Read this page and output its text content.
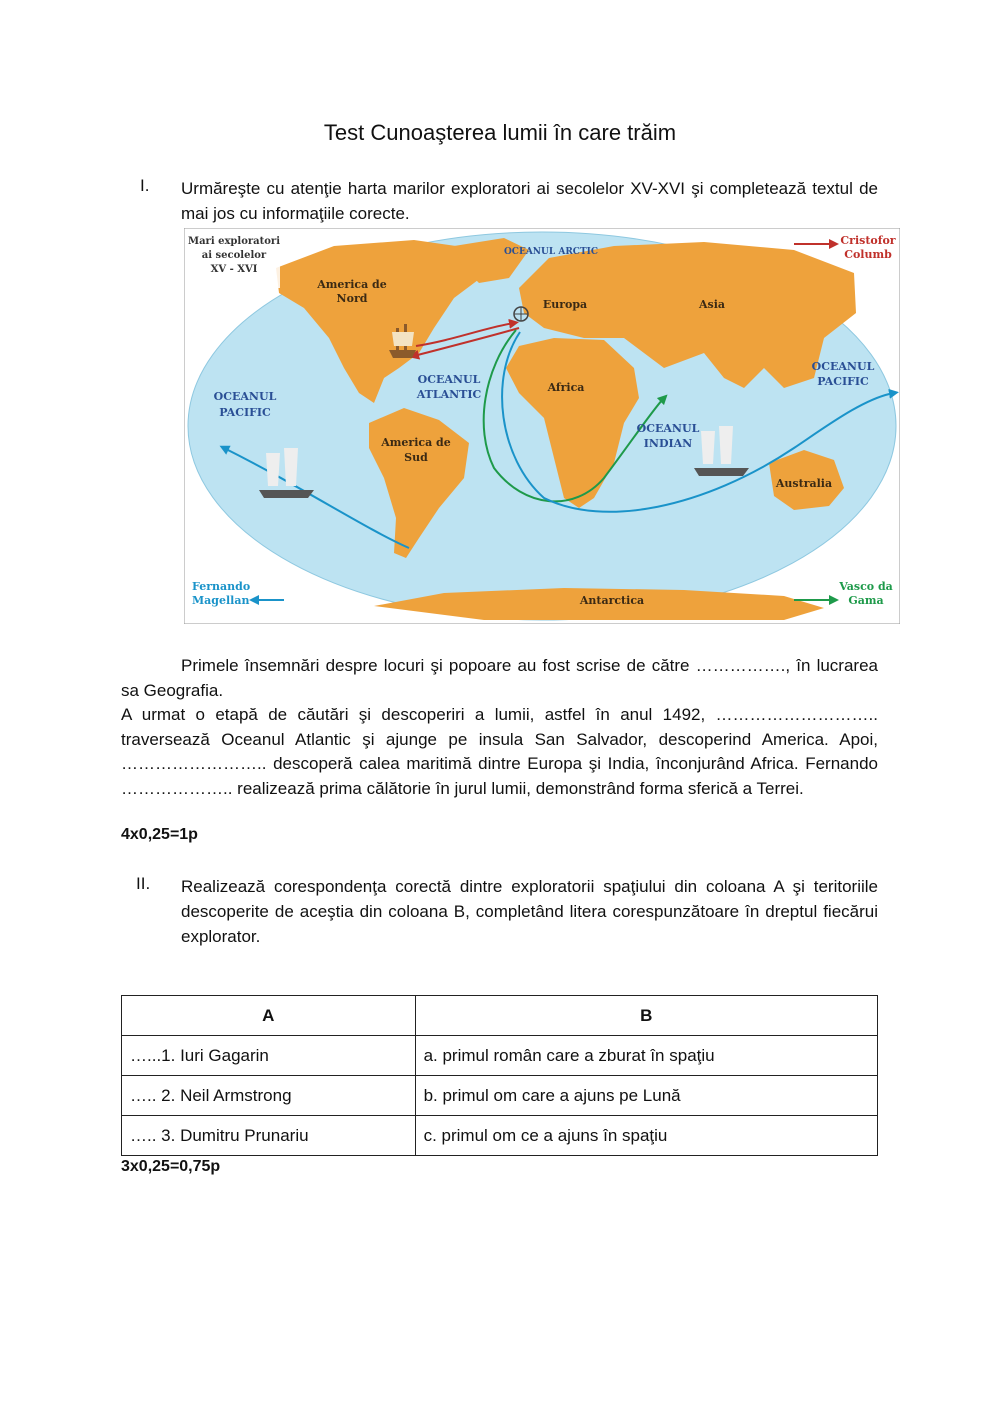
Test Cunoaşterea lumii în care trăim
I. Urmăreşte cu atenţie harta marilor exploratori ai secolelor XV-XVI şi completează textul de mai jos cu informaţiile corecte.
Mari exploratori
ai secolelor
XV - XVI
Cristofor
Columb
Fernando
Magellan
Vasco da
Gama
America de
Nord	Europa	Asia
Africa
America de
Sud
Australia
Antarctica
OCEANUL ARCTIC
OCEANUL
ATLANTIC
OCEANUL
PACIFIC
OCEANUL
PACIFIC
OCEANUL
INDIAN

Primele însemnări despre locuri şi popoare au fost scrise de către ……………., în lucrarea sa Geografia.

A urmat o etapă de căutări şi descoperiri a lumii, astfel în anul 1492, ……………………….. traversează Oceanul Atlantic şi ajunge pe insula San Salvador, descoperind America. Apoi, …………………….. descoperă calea maritimă dintre Europa şi India, înconjurând Africa. Fernando ……………….. realizează prima călătorie în jurul lumii, demonstrând forma sferică a Terrei.

4x0,25=1p
II. Realizează corespondenţa corectă dintre exploratorii spaţiului din coloana A şi teritoriile descoperite de aceştia din coloana B, completând litera corespunzătoare în dreptul fiecărui explorator.
A	B
…...1. Iuri Gagarin	a. primul român care a zburat în spaţiu
….. 2. Neil Armstrong	b. primul om care a ajuns pe Lună
….. 3. Dumitru Prunariu	c. primul om ce a ajuns în spaţiu
3x0,25=0,75p
